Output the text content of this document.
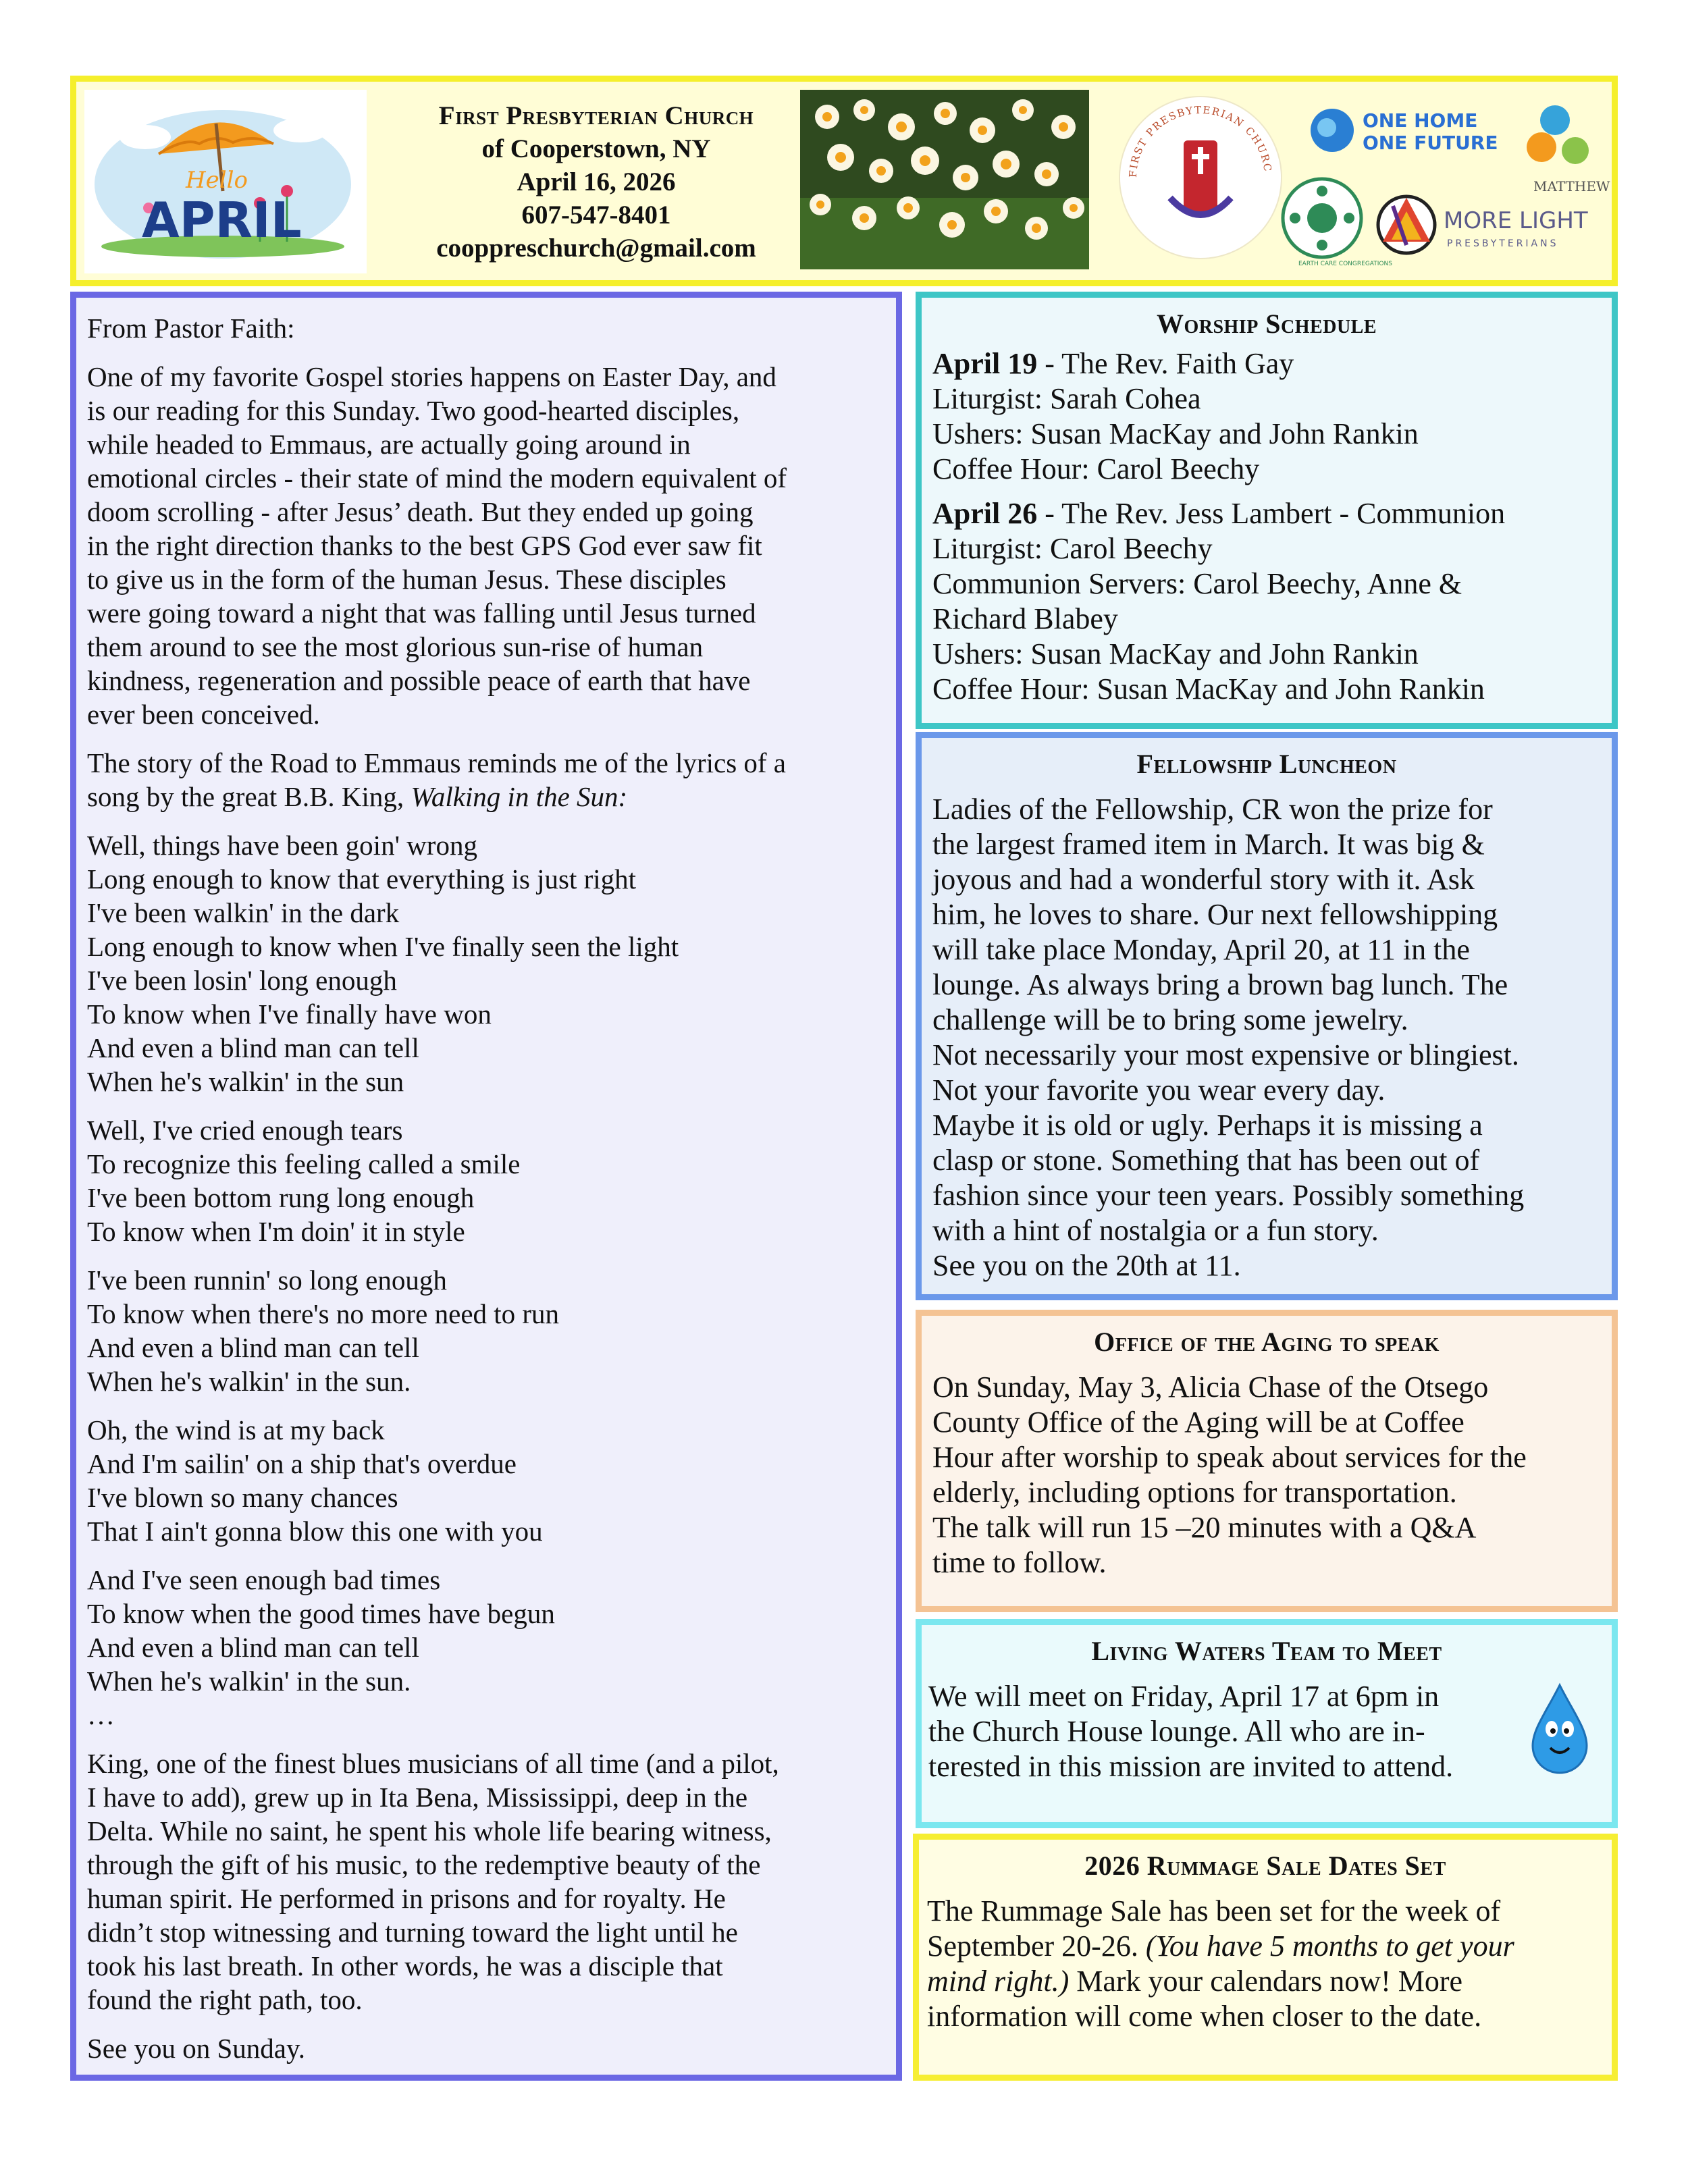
Hello
APRIL
First Presbyterian Church
of Cooperstown, NY
April 16, 2026
607-547-8401
cooppreschurch@gmail.com
FIRST PRESBYTERIAN CHURC
ONE HOME
ONE FUTURE
MATTHEW
EARTH CARE CONGREGATIONS
MORE LIGHT
PRESBYTERIANS

From Pastor Faith:

One of my favorite Gospel stories happens on Easter Day, and
is our reading for this Sunday. Two good-hearted disciples,
while headed to Emmaus, are actually going around in
emotional circles - their state of mind the modern equivalent of
doom scrolling - after Jesus’ death. But they ended up going
in the right direction thanks to the best GPS God ever saw fit
to give us in the form of the human Jesus. These disciples
were going toward a night that was falling until Jesus turned
them around to see the most glorious sun-rise of human
kindness, regeneration and possible peace of earth that have
ever been conceived.

The story of the Road to Emmaus reminds me of the lyrics of a
song by the great B.B. King, Walking in the Sun:

Well, things have been goin' wrong
Long enough to know that everything is just right
I've been walkin' in the dark
Long enough to know when I've finally seen the light
I've been losin' long enough
To know when I've finally have won
And even a blind man can tell
When he's walkin' in the sun

Well, I've cried enough tears
To recognize this feeling called a smile
I've been bottom rung long enough
To know when I'm doin' it in style

I've been runnin' so long enough
To know when there's no more need to run
And even a blind man can tell
When he's walkin' in the sun.

Oh, the wind is at my back
And I'm sailin' on a ship that's overdue
I've blown so many chances
That I ain't gonna blow this one with you

And I've seen enough bad times
To know when the good times have begun
And even a blind man can tell
When he's walkin' in the sun.
…

King, one of the finest blues musicians of all time (and a pilot,
I have to add), grew up in Ita Bena, Mississippi, deep in the
Delta. While no saint, he spent his whole life bearing witness,
through the gift of his music, to the redemptive beauty of the
human spirit. He performed in prisons and for royalty. He
didn’t stop witnessing and turning toward the light until he
took his last breath. In other words, he was a disciple that
found the right path, too.

See you on Sunday.

Worship Schedule
April 19 - The Rev. Faith Gay
Liturgist: Sarah Cohea
Ushers: Susan MacKay and John Rankin
Coffee Hour: Carol Beechy
April 26 - The Rev. Jess Lambert - Communion
Liturgist: Carol Beechy
Communion Servers: Carol Beechy, Anne &
Richard Blabey
Ushers: Susan MacKay and John Rankin
Coffee Hour: Susan MacKay and John Rankin
Fellowship Luncheon
Ladies of the Fellowship, CR won the prize for
the largest framed item in March. It was big &
joyous and had a wonderful story with it. Ask
him, he loves to share. Our next fellowshipping
will take place Monday, April 20, at 11 in the
lounge. As always bring a brown bag lunch. The
challenge will be to bring some jewelry.
Not necessarily your most expensive or blingiest.
Not your favorite you wear every day.
Maybe it is old or ugly. Perhaps it is missing a
clasp or stone. Something that has been out of
fashion since your teen years. Possibly something
with a hint of nostalgia or a fun story.
See you on the 20th at 11.
Office of the Aging to speak
On Sunday, May 3, Alicia Chase of the Otsego
County Office of the Aging will be at Coffee
Hour after worship to speak about services for the
elderly, including options for transportation.
The talk will run 15 –20 minutes with a Q&A
time to follow.
Living Waters Team to Meet
We will meet on Friday, April 17 at 6pm in
the Church House lounge. All who are in-
terested in this mission are invited to attend.
2026 Rummage Sale Dates Set
The Rummage Sale has been set for the week of
September 20-26. (You have 5 months to get your
mind right.) Mark your calendars now! More
information will come when closer to the date.
